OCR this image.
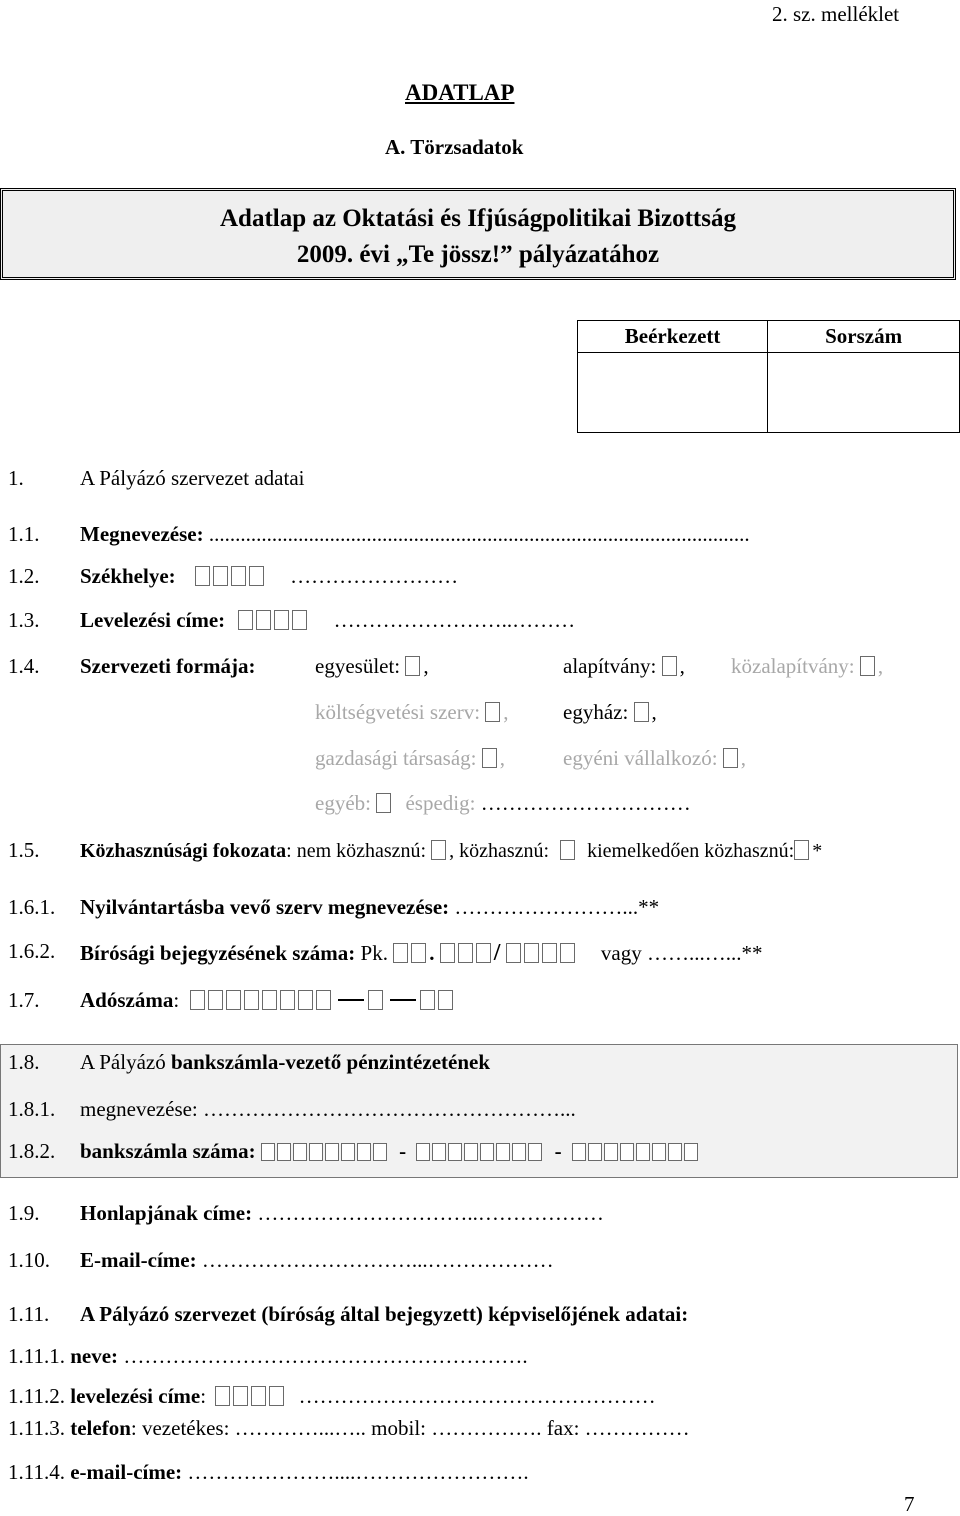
2. sz. melléklet
ADATLAP
A. Törzsadatok
Adatlap az Oktatási és Ifjúságpolitikai Bizottság
2009. évi „Te jössz!” pályázatához
Beérkezett	Sorszám

1.	A Pályázó szervezet adatai
1.1. Megnevezése: .......................................................................................................
1.2. Székhelye:	……………………
1.3. Levelezési címe:	……………………..………
1.4. Szervezeti formája:	egyesület: ,	alapítvány: , közalapítvány: ,
költségvetési szerv: ,	egyház: ,
gazdasági társaság: ,	egyéni vállalkozó: ,
egyéb: éspedig: …………………………
1.5. Közhasznúsági fokozata: nem közhasznú: , közhasznú: kiemelkedően közhasznú: *
1.6.1. Nyilvántartásba vevő szerv megnevezése: ……………………...**
1.6.2. Bírósági bejegyzésének száma: Pk. . /	vagy ……...…...**
1.7. Adószáma:
1.8. A Pályázó bankszámla-vezető pénzintézetének
1.8.1. megnevezése: ……………………………………………...
1.8.2. bankszámla száma:	-	-
1.9. Honlapjának címe: …………………………..………………
1.10. E-mail-címe: …………………………...………………
1.11. A Pályázó szervezet (bíróság által bejegyzett) képviselőjének adatai:
1.11.1. neve: ………………………………………………….
1.11.2. levelezési címe:	……………………………………………
1.11.3. telefon: vezetékes: …………...….. mobil: ……………. fax: ……………
1.11.4. e-mail-címe: …………………....…………………….
7
